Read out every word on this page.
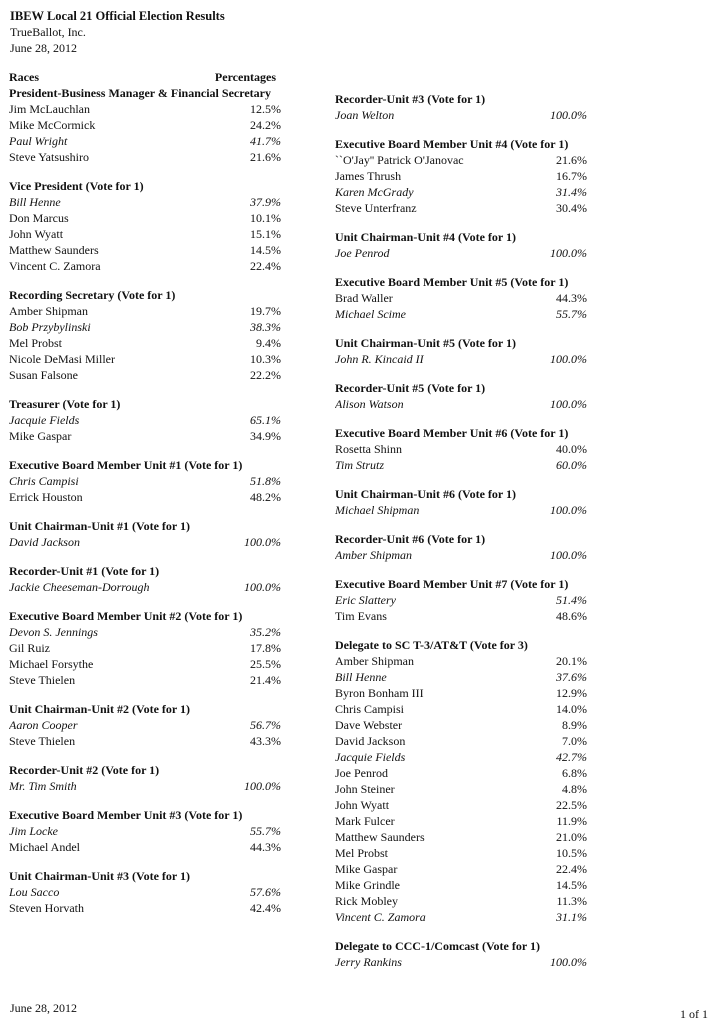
IBEW Local 21 Official Election Results
TrueBallot, Inc.
June 28, 2012
Races	Percentages
President-Business Manager & Financial Secretary
Jim McLauchlan	12.5%
Mike McCormick	24.2%
Paul Wright	41.7%
Steve Yatsushiro	21.6%
Vice President (Vote for 1)
Bill Henne	37.9%
Don Marcus	10.1%
John Wyatt	15.1%
Matthew Saunders	14.5%
Vincent C. Zamora	22.4%
Recording Secretary (Vote for 1)
Amber Shipman	19.7%
Bob Przybylinski	38.3%
Mel Probst	9.4%
Nicole DeMasi Miller	10.3%
Susan Falsone	22.2%
Treasurer (Vote for 1)
Jacquie Fields	65.1%
Mike Gaspar	34.9%
Executive Board Member Unit #1 (Vote for 1)
Chris Campisi	51.8%
Errick Houston	48.2%
Unit Chairman-Unit #1 (Vote for 1)
David Jackson	100.0%
Recorder-Unit #1 (Vote for 1)
Jackie Cheeseman-Dorrough	100.0%
Executive Board Member Unit #2 (Vote for 1)
Devon S. Jennings	35.2%
Gil Ruiz	17.8%
Michael Forsythe	25.5%
Steve Thielen	21.4%
Unit Chairman-Unit #2 (Vote for 1)
Aaron Cooper	56.7%
Steve Thielen	43.3%
Recorder-Unit #2 (Vote for 1)
Mr. Tim Smith	100.0%
Executive Board Member Unit #3 (Vote for 1)
Jim Locke	55.7%
Michael Andel	44.3%
Unit Chairman-Unit #3 (Vote for 1)
Lou Sacco	57.6%
Steven Horvath	42.4%
Recorder-Unit #3 (Vote for 1)
Joan Welton	100.0%
Executive Board Member Unit #4 (Vote for 1)
``O'Jay'' Patrick O'Janovac	21.6%
James Thrush	16.7%
Karen McGrady	31.4%
Steve Unterfranz	30.4%
Unit Chairman-Unit #4 (Vote for 1)
Joe Penrod	100.0%
Executive Board Member Unit #5 (Vote for 1)
Brad Waller	44.3%
Michael Scime	55.7%
Unit Chairman-Unit #5 (Vote for 1)
John R. Kincaid II	100.0%
Recorder-Unit #5 (Vote for 1)
Alison Watson	100.0%
Executive Board Member Unit #6 (Vote for 1)
Rosetta Shinn	40.0%
Tim Strutz	60.0%
Unit Chairman-Unit #6 (Vote for 1)
Michael Shipman	100.0%
Recorder-Unit #6 (Vote for 1)
Amber Shipman	100.0%
Executive Board Member Unit #7 (Vote for 1)
Eric Slattery	51.4%
Tim Evans	48.6%
Delegate to SC T-3/AT&T (Vote for 3)
Amber Shipman	20.1%
Bill Henne	37.6%
Byron Bonham III	12.9%
Chris Campisi	14.0%
Dave Webster	8.9%
David Jackson	7.0%
Jacquie Fields	42.7%
Joe Penrod	6.8%
John Steiner	4.8%
John Wyatt	22.5%
Mark Fulcer	11.9%
Matthew Saunders	21.0%
Mel Probst	10.5%
Mike Gaspar	22.4%
Mike Grindle	14.5%
Rick Mobley	11.3%
Vincent C. Zamora	31.1%
Delegate to CCC-1/Comcast (Vote for 1)
Jerry Rankins	100.0%
June 28, 2012	1 of 1
